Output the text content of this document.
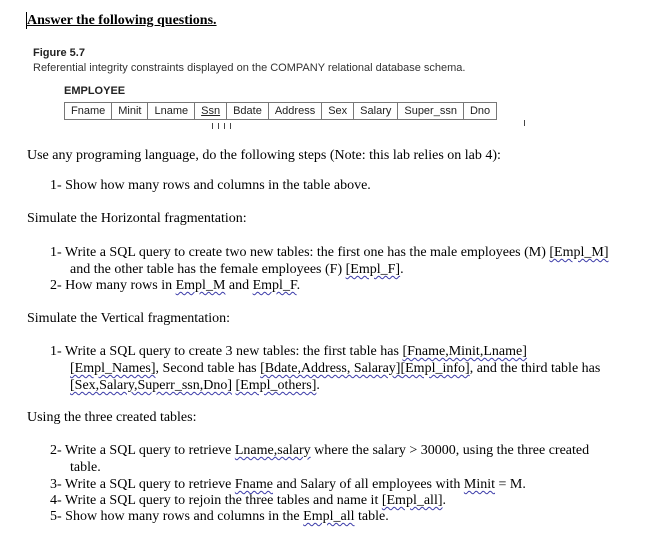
Answer the following questions.
Figure 5.7
Referential integrity constraints displayed on the COMPANY relational database schema.
EMPLOYEE
Fname	Minit	Lname	Ssn	Bdate	Address	Sex	Salary	Super_ssn	Dno
Use any programing language, do the following steps (Note: this lab relies on lab 4):
1- Show how many rows and columns in the table above.
Simulate the Horizontal fragmentation:
1- Write a SQL query to create two new tables: the first one has the male employees (M) [Empl_M]
and the other table has the female employees (F) [Empl_F].
2- How many rows in Empl_M and Empl_F.
Simulate the Vertical fragmentation:
1- Write a SQL query to create 3 new tables: the first table has [Fname,Minit,Lname]
[Empl_Names], Second table has [Bdate,Address, Salaray][Empl_info], and the third table has
[Sex,Salary,Superr_ssn,Dno] [Empl_others].
Using the three created tables:
2- Write a SQL query to retrieve Lname,salary where the salary > 30000, using the three created
table.
3- Write a SQL query to retrieve Fname and Salary of all employees with Minit = M.
4- Write a SQL query to rejoin the three tables and name it [Empl_all].
5- Show how many rows and columns in the Empl_all table.
